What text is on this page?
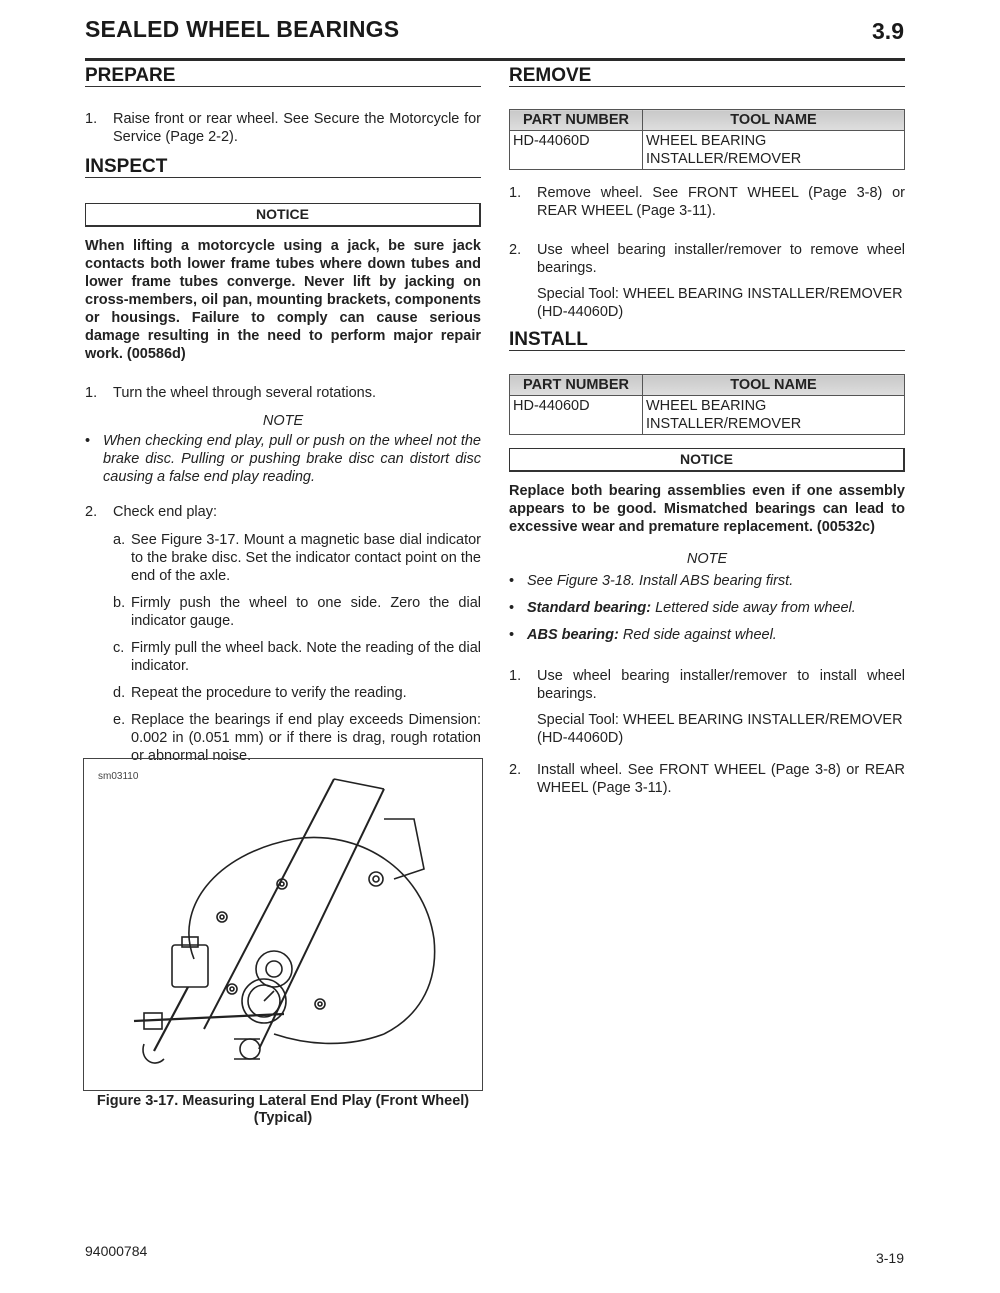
SEALED WHEEL BEARINGS	3.9
PREPARE
1.	Raise front or rear wheel. See Secure the Motorcycle for Service (Page 2-2).
INSPECT
NOTICE

When lifting a motorcycle using a jack, be sure jack contacts both lower frame tubes where down tubes and lower frame tubes converge. Never lift by jacking on cross-members, oil pan, mounting brackets, components or housings. Failure to comply can cause serious damage resulting in the need to perform major repair work. (00586d)

1.	Turn the wheel through several rotations.
NOTE
• When checking end play, pull or push on the wheel not the brake disc. Pulling or pushing brake disc can distort disc causing a false end play reading.
2.	Check end play:
a. See Figure 3-17. Mount a magnetic base dial indicator to the brake disc. Set the indicator contact point on the end of the axle.
b. Firmly push the wheel to one side. Zero the dial indicator gauge.
c. Firmly pull the wheel back. Note the reading of the dial indicator.
d. Repeat the procedure to verify the reading.
e. Replace the bearings if end play exceeds Dimension: 0.002 in (0.051 mm) or if there is drag, rough rotation or abnormal noise.
sm03110
Figure 3-17. Measuring Lateral End Play (Front Wheel) (Typical)
REMOVE
PART NUMBER	TOOL NAME
HD-44060D	WHEEL BEARING INSTALLER/REMOVER
1.	Remove wheel. See FRONT WHEEL (Page 3-8) or REAR WHEEL (Page 3-11).
2.	Use wheel bearing installer/remover to remove wheel bearings.

Special Tool: WHEEL BEARING INSTALLER/REMOVER (HD-44060D)

INSTALL
PART NUMBER	TOOL NAME
HD-44060D	WHEEL BEARING INSTALLER/REMOVER
NOTICE

Replace both bearing assemblies even if one assembly appears to be good. Mismatched bearings can lead to excessive wear and premature replacement. (00532c)

NOTE
• See Figure 3-18. Install ABS bearing first.
• Standard bearing: Lettered side away from wheel.
• ABS bearing: Red side against wheel.
1.	Use wheel bearing installer/remover to install wheel bearings.

Special Tool: WHEEL BEARING INSTALLER/REMOVER (HD-44060D)

2.	Install wheel. See FRONT WHEEL (Page 3-8) or REAR WHEEL (Page 3-11).
94000784	3-19
